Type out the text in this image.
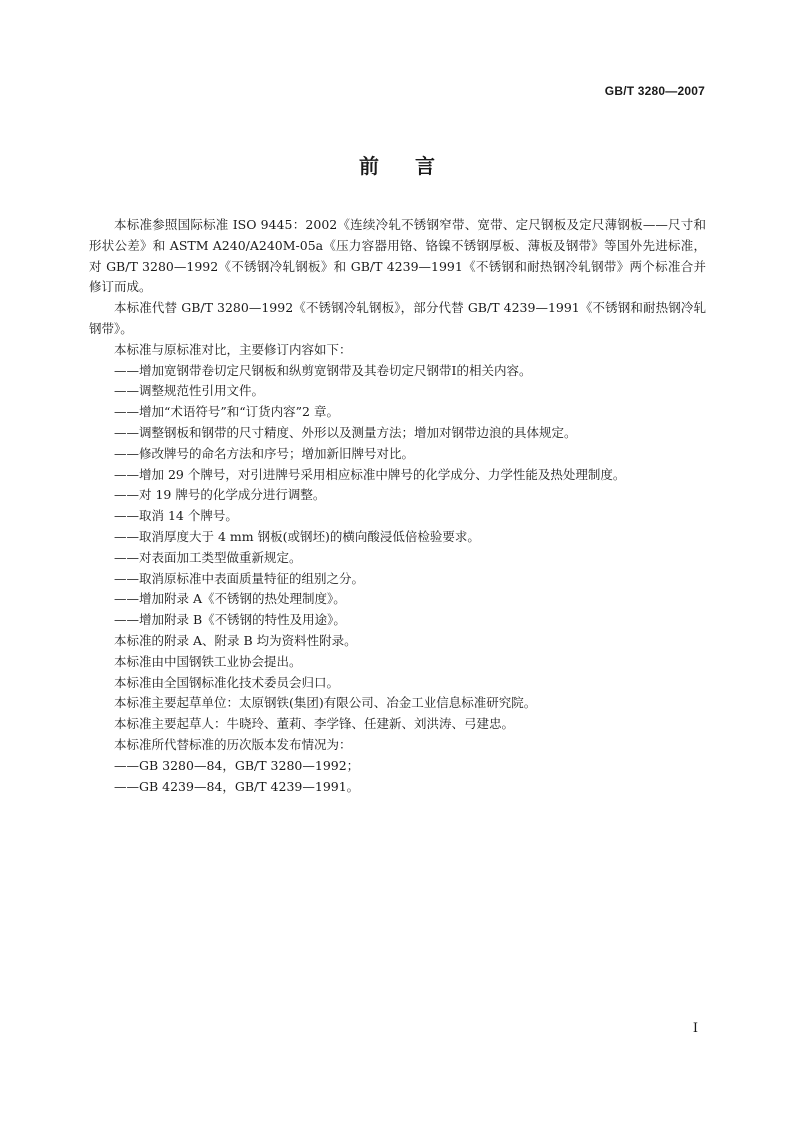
GB/T 3280—2007
前言

本标准参照国际标准 ISO 9445：2002《连续冷轧不锈钢窄带、宽带、定尺钢板及定尺薄钢板——尺寸和形状公差》和 ASTM A240/A240M-05a《压力容器用铬、铬镍不锈钢厚板、薄板及钢带》等国外先进标准，对 GB/T 3280—1992《不锈钢冷轧钢板》和 GB/T 4239—1991《不锈钢和耐热钢冷轧钢带》两个标准合并修订而成。

本标准代替 GB/T 3280—1992《不锈钢冷轧钢板》，部分代替 GB/T 4239—1991《不锈钢和耐热钢冷轧钢带》。

本标准与原标准对比，主要修订内容如下：

——增加宽钢带卷切定尺钢板和纵剪宽钢带及其卷切定尺钢带Ⅰ的相关内容。

——调整规范性引用文件。

——增加“术语符号”和“订货内容”2 章。

——调整钢板和钢带的尺寸精度、外形以及测量方法；增加对钢带边浪的具体规定。

——修改牌号的命名方法和序号；增加新旧牌号对比。

——增加 29 个牌号，对引进牌号采用相应标准中牌号的化学成分、力学性能及热处理制度。

——对 19 牌号的化学成分进行调整。

——取消 14 个牌号。

——取消厚度大于 4 mm 钢板(或钢坯)的横向酸浸低倍检验要求。

——对表面加工类型做重新规定。

——取消原标准中表面质量特征的组别之分。

——增加附录 A《不锈钢的热处理制度》。

——增加附录 B《不锈钢的特性及用途》。

本标准的附录 A、附录 B 均为资料性附录。

本标准由中国钢铁工业协会提出。

本标准由全国钢标准化技术委员会归口。

本标准主要起草单位：太原钢铁(集团)有限公司、冶金工业信息标准研究院。

本标准主要起草人：牛晓玲、董莉、李学锋、任建新、刘洪涛、弓建忠。

本标准所代替标准的历次版本发布情况为：

——GB 3280—84，GB/T 3280—1992；

——GB 4239—84，GB/T 4239—1991。

I
